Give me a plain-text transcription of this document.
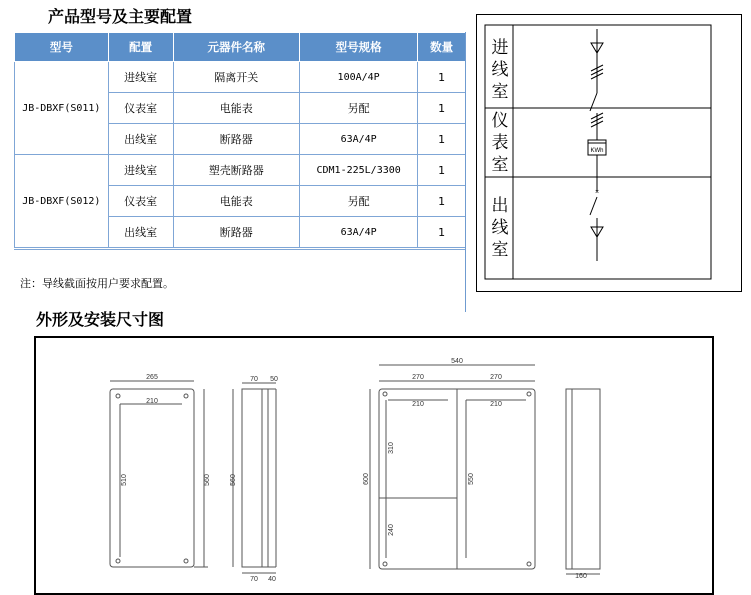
产品型号及主要配置
型号	配置	元器件名称	型号规格	数量
JB-DBXF(S011)	进线室	隔离开关	100A/4P	1
	仪表室	电能表	另配	1
	出线室	断路器	63A/4P	1
JB-DBXF(S012)	进线室	塑壳断路器	CDM1-225L/3300	1
	仪表室	电能表	另配	1
	出线室	断路器	63A/4P	1
注：导线截面按用户要求配置。
KWh
×
进
线
室
仪
表
室
出
线
室
外形及安装尺寸图
265
210
560
510
70 50
560
70 40
540
270	270
210	210
600
310
240
550
160
